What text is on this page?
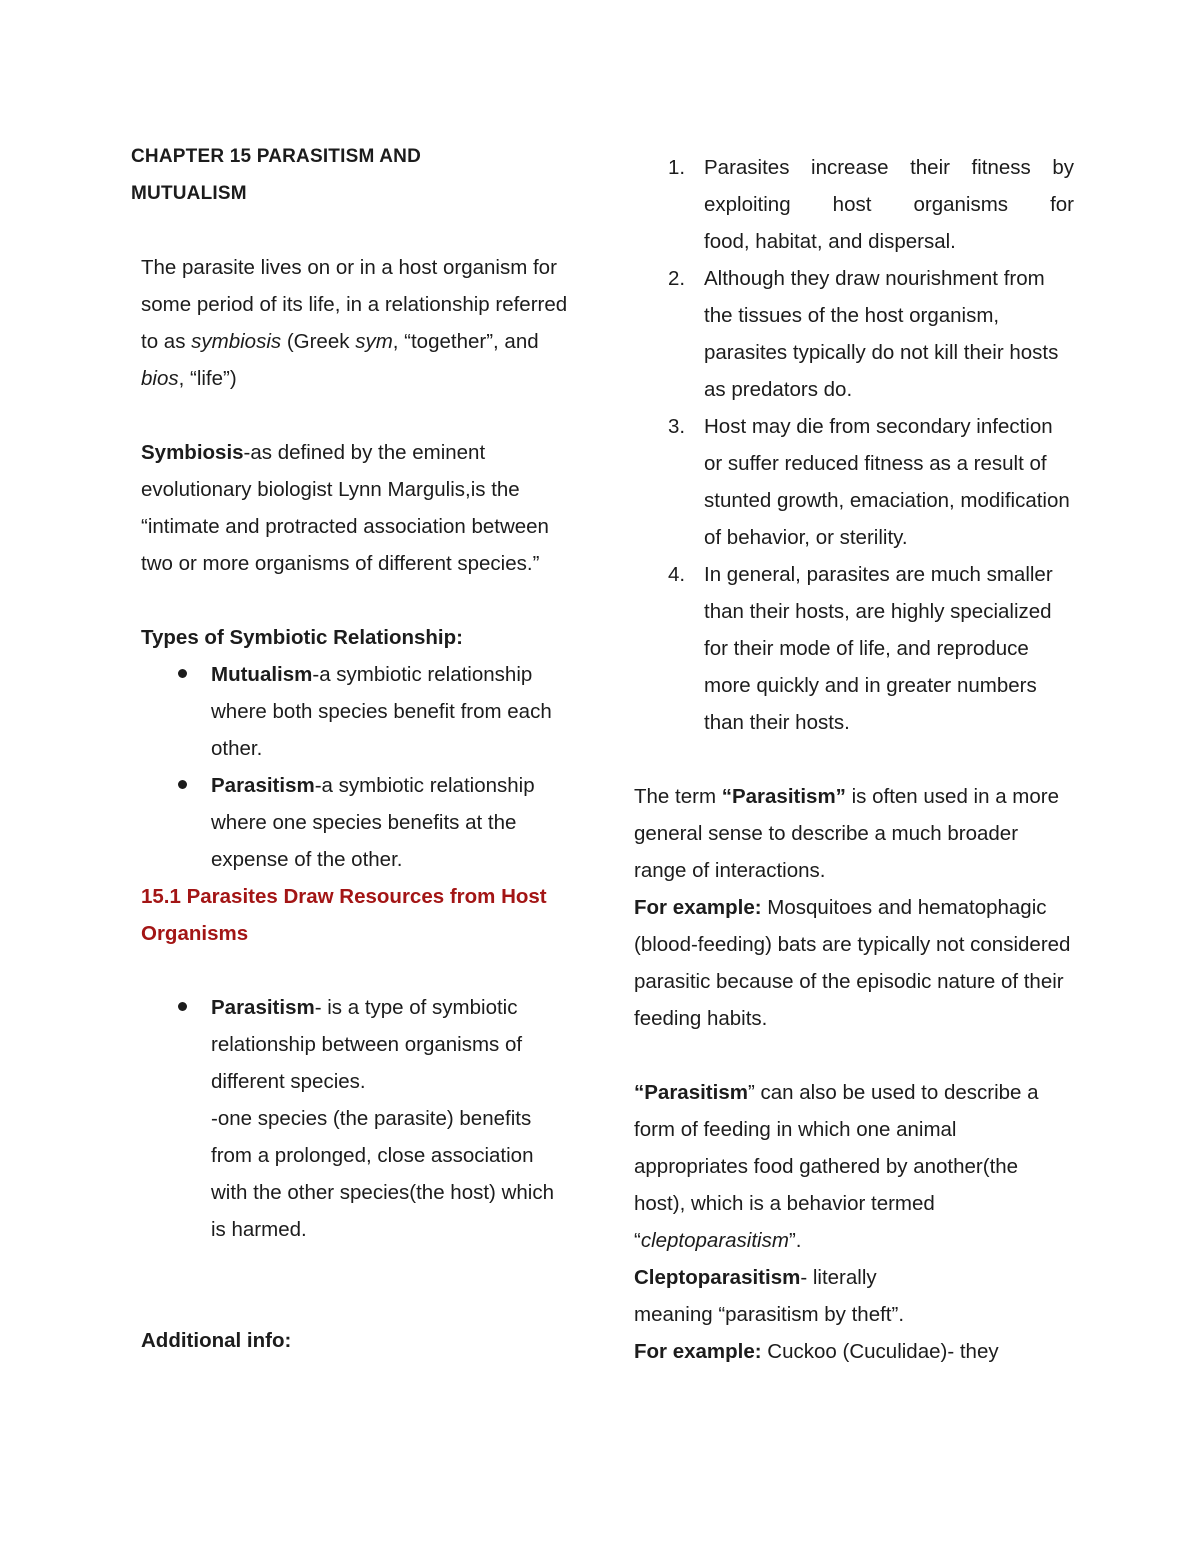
CHAPTER 15 PARASITISM AND
MUTUALISM

The parasite lives on or in a host organism for some period of its life, in a relationship referred to as symbiosis (Greek sym, “together”, and bios, “life”)

Symbiosis-as defined by the eminent evolutionary biologist Lynn Margulis,is the “intimate and protracted association between two or more organisms of different species.”

Types of Symbiotic Relationship:

Mutualism-a symbiotic relationship where both species benefit from each other.
Parasitism-a symbiotic relationship where one species benefits at the expense of the other.

15.1 Parasites Draw Resources from Host Organisms

Parasitism- is a type of symbiotic relationship between organisms of different species.
-one species (the parasite) benefits from a prolonged, close association with the other species(the host) which is harmed.

Additional info:

1. Parasites increase their fitness by
exploiting host organisms for
food, habitat, and dispersal.
2. Although they draw nourishment from the tissues of the host organism, parasites typically do not kill their hosts as predators do.
3. Host may die from secondary infection or suffer reduced fitness as a result of stunted growth, emaciation, modification of behavior, or sterility.
4. In general, parasites are much smaller than their hosts, are highly specialized for their mode of life, and reproduce more quickly and in greater numbers than their hosts.

The term “Parasitism” is often used in a more general sense to describe a much broader range of interactions.

For example: Mosquitoes and hematophagic (blood-feeding) bats are typically not considered parasitic because of the episodic nature of their feeding habits.

“Parasitism” can also be used to describe a form of feeding in which one animal appropriates food gathered by another(the host), which is a behavior termed “cleptoparasitism”.

Cleptoparasitism- literally
meaning “parasitism by theft”.

For example: Cuckoo (Cuculidae)- they
